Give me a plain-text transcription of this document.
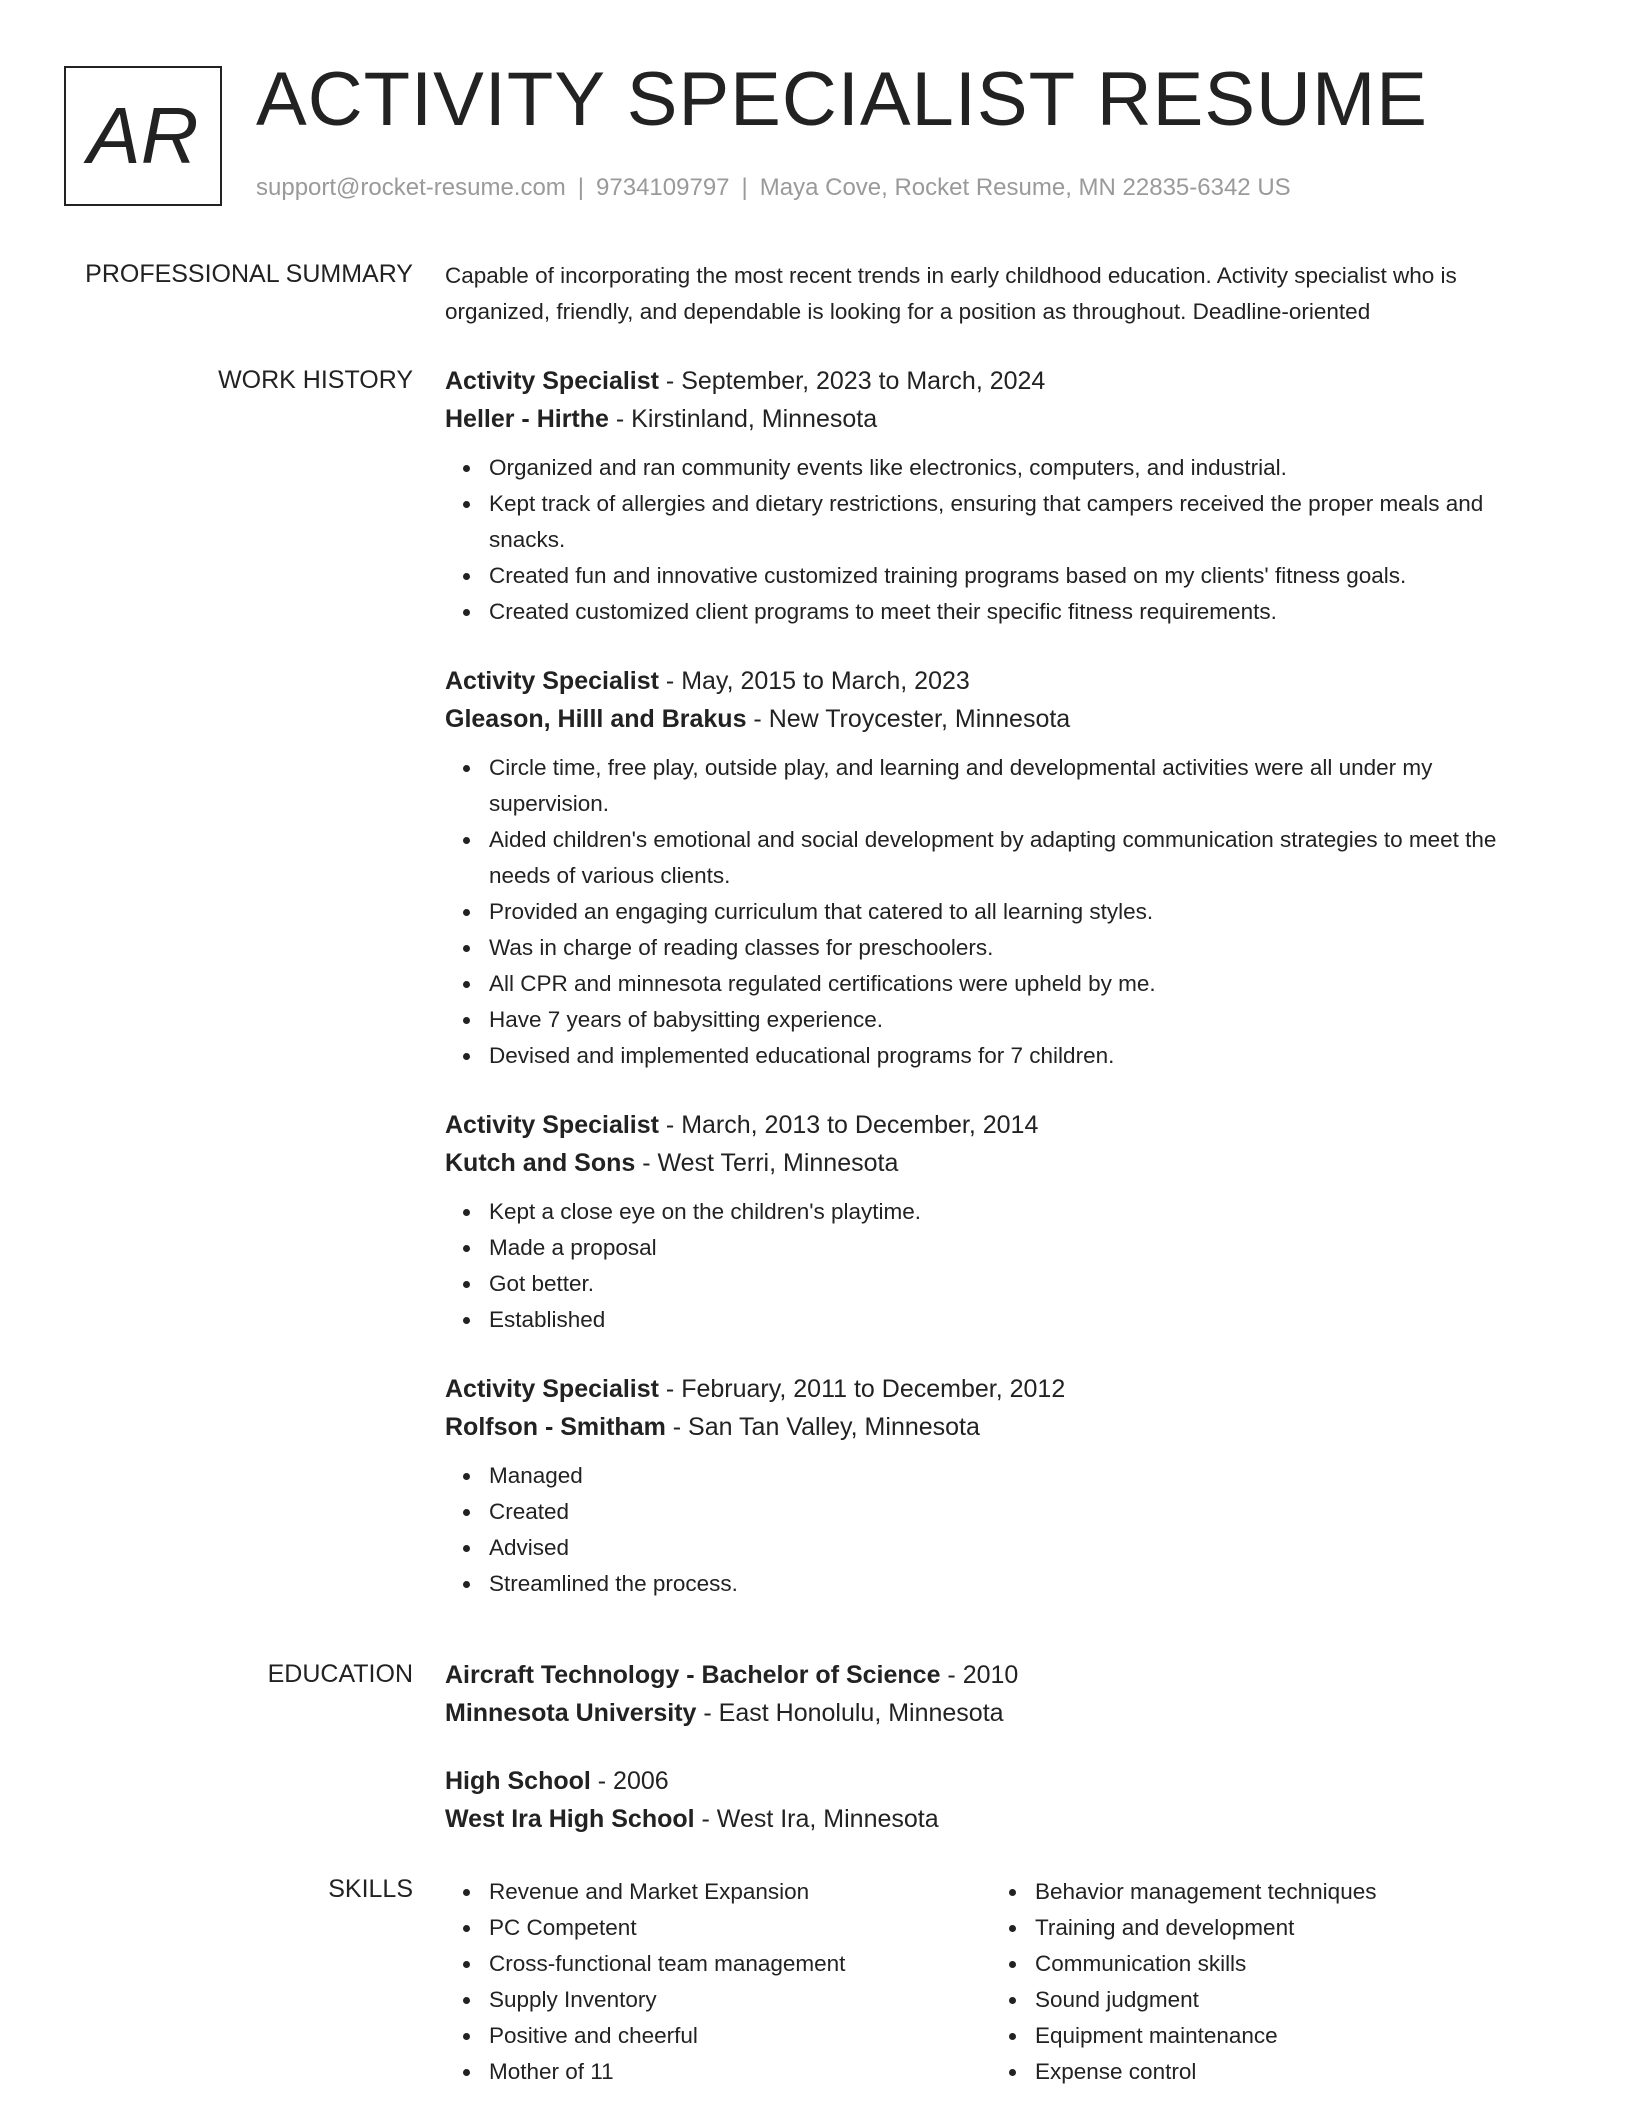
AR ACTIVITY SPECIALIST RESUME
support@rocket-resume.com | 9734109797 | Maya Cove, Rocket Resume, MN 22835-6342 US
PROFESSIONAL SUMMARY Capable of incorporating the most recent trends in early childhood education. Activity specialist who is organized, friendly, and dependable is looking for a position as throughout. Deadline-oriented

WORK HISTORY Activity Specialist - September, 2023 to March, 2024

Heller - Hirthe - Kirstinland, Minnesota

Organized and ran community events like electronics, computers, and industrial.
Kept track of allergies and dietary restrictions, ensuring that campers received the proper meals and snacks.
Created fun and innovative customized training programs based on my clients' fitness goals.
Created customized client programs to meet their specific fitness requirements.

Activity Specialist - May, 2015 to March, 2023

Gleason, Hilll and Brakus - New Troycester, Minnesota

Circle time, free play, outside play, and learning and developmental activities were all under my supervision.
Aided children's emotional and social development by adapting communication strategies to meet the needs of various clients.
Provided an engaging curriculum that catered to all learning styles.
Was in charge of reading classes for preschoolers.
All CPR and minnesota regulated certifications were upheld by me.
Have 7 years of babysitting experience.
Devised and implemented educational programs for 7 children.

Activity Specialist - March, 2013 to December, 2014

Kutch and Sons - West Terri, Minnesota

Kept a close eye on the children's playtime.
Made a proposal
Got better.
Established

Activity Specialist - February, 2011 to December, 2012

Rolfson - Smitham - San Tan Valley, Minnesota

Managed
Created
Advised
Streamlined the process.
EDUCATION Aircraft Technology - Bachelor of Science - 2010

Minnesota University - East Honolulu, Minnesota

High School - 2006

West Ira High School - West Ira, Minnesota

SKILLS	Revenue and Market Expansion
PC Competent
Cross-functional team management
Supply Inventory
Positive and cheerful
Mother of 11
Behavior management techniques
Training and development
Communication skills
Sound judgment
Equipment maintenance
Expense control
